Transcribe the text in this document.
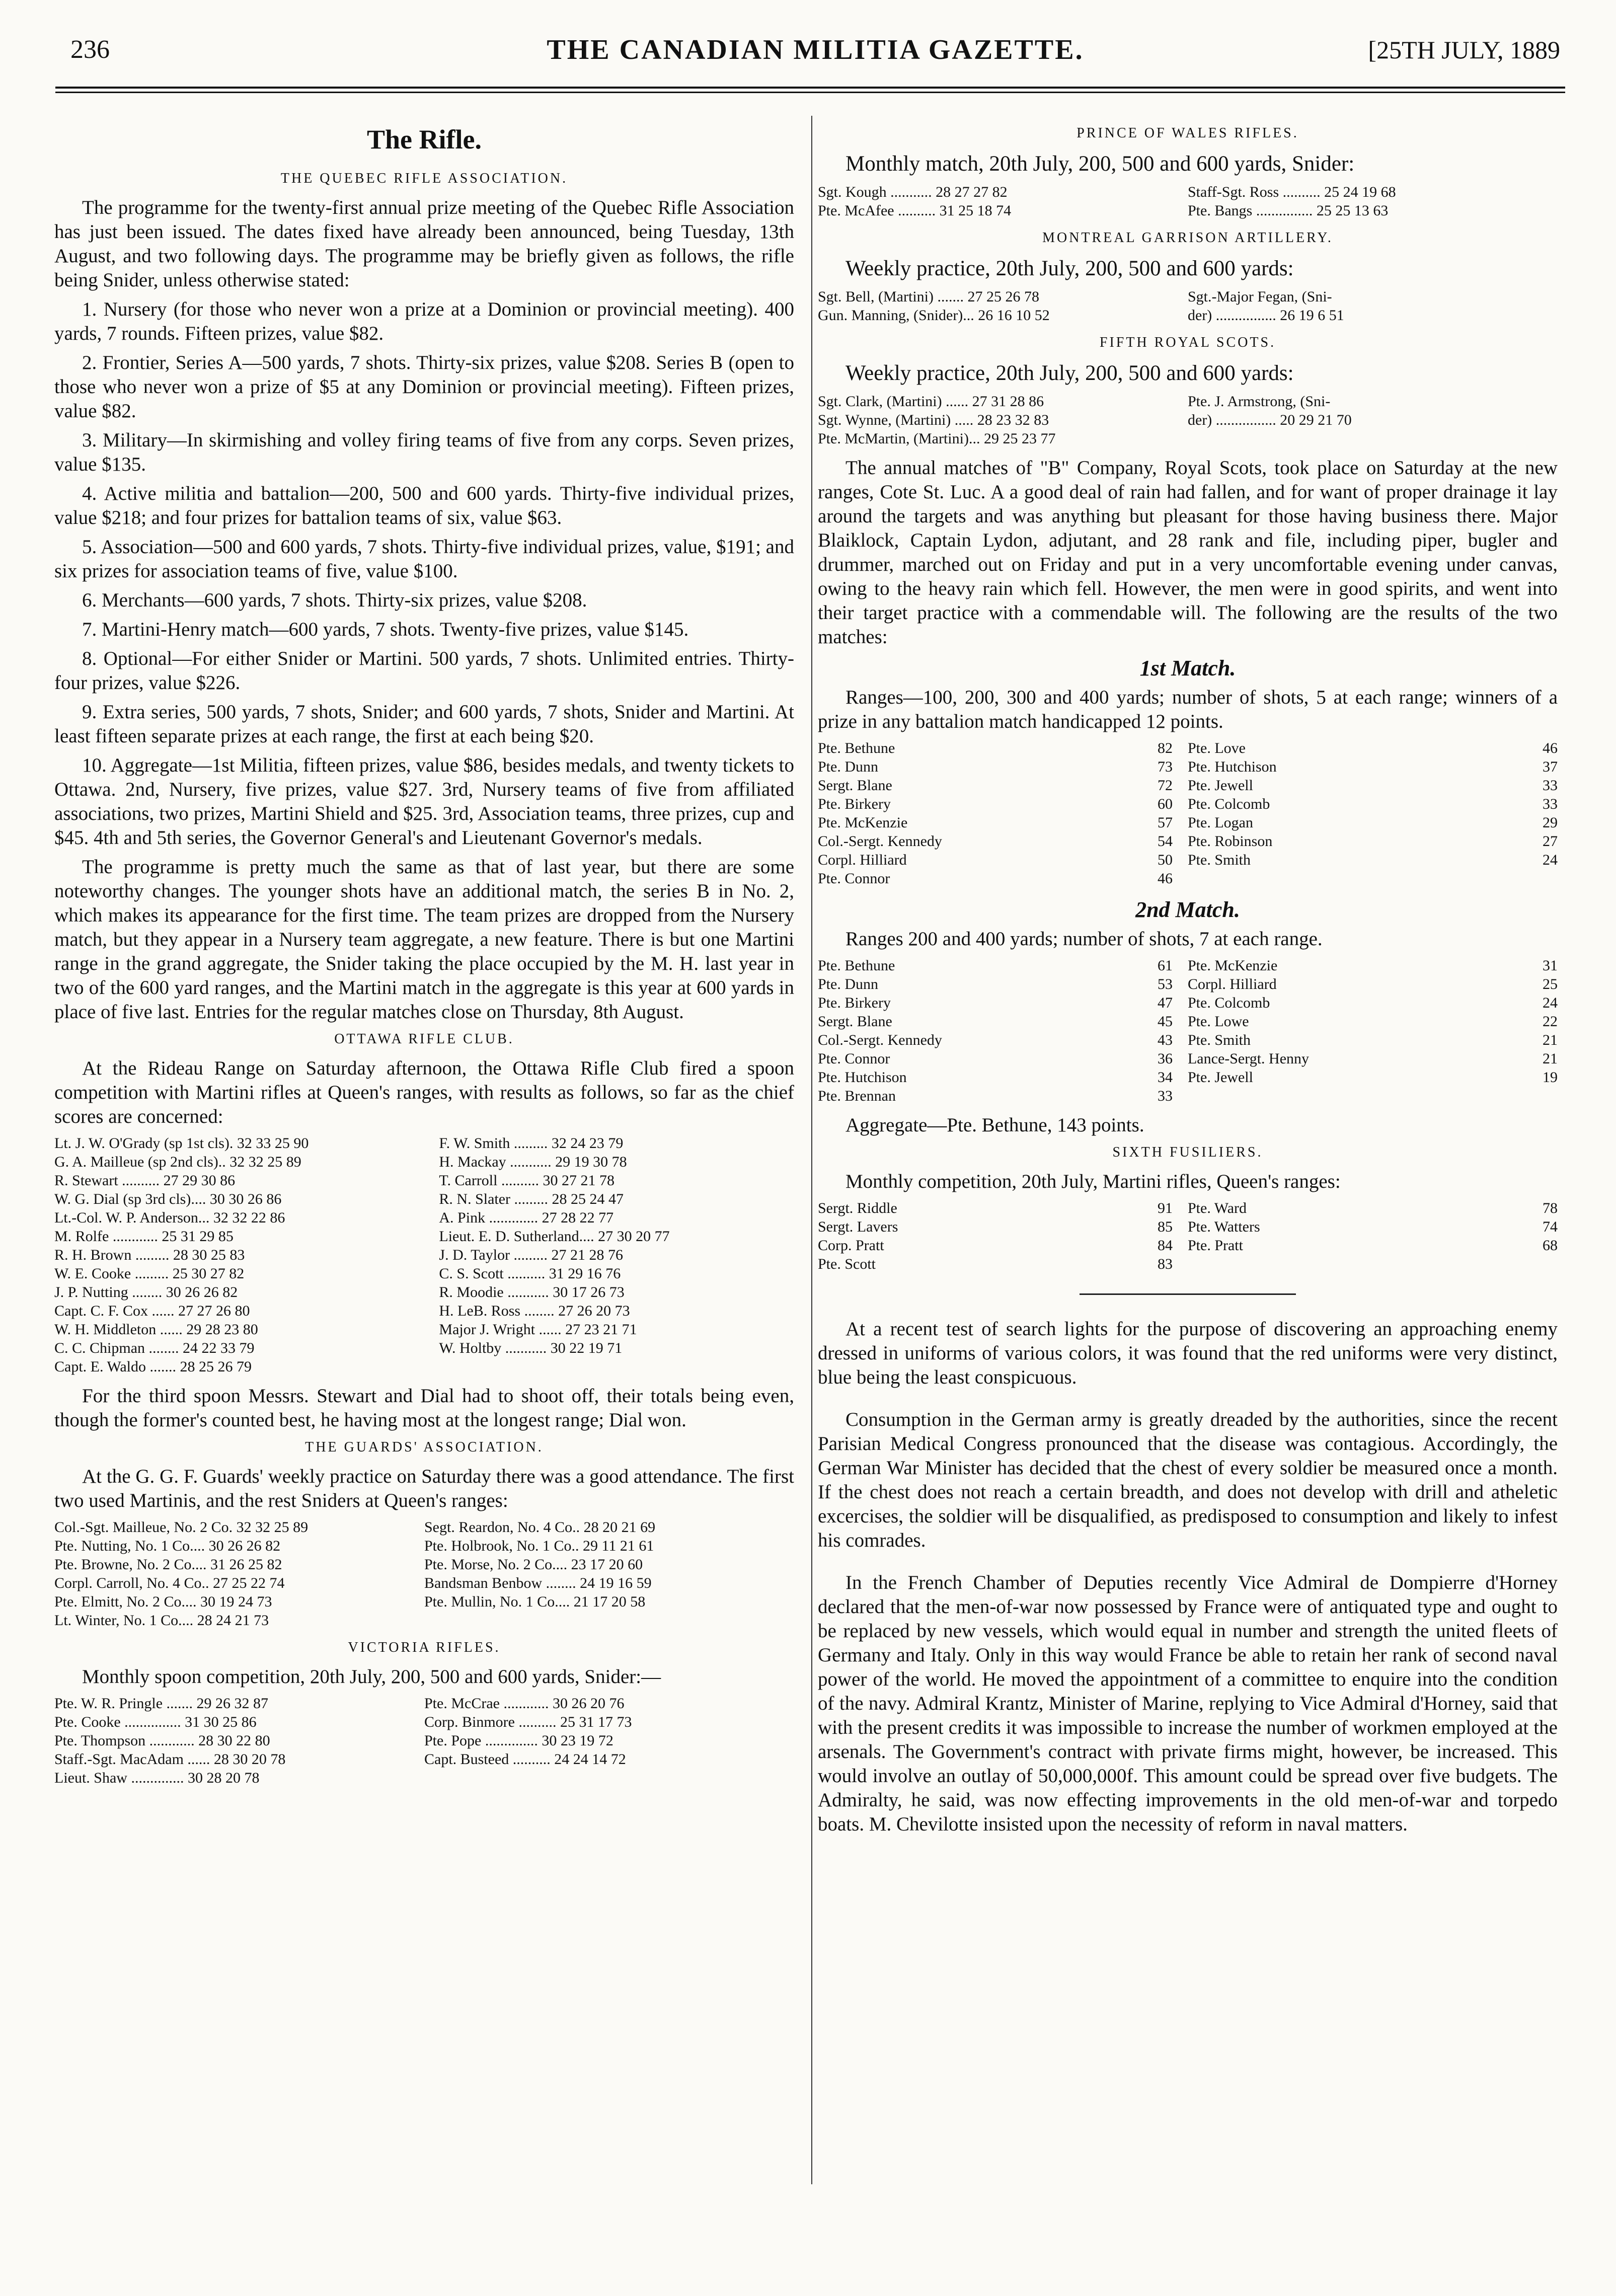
236	THE CANADIAN MILITIA GAZETTE.	[25TH JULY, 1889
The Rifle.
THE QUEBEC RIFLE ASSOCIATION.
The programme for the twenty-first annual prize meeting of the Quebec Rifle Association has just been issued. The dates fixed have already been announced, being Tuesday, 13th August, and two following days. The programme may be briefly given as follows, the rifle being Snider, unless otherwise stated:
1. Nursery (for those who never won a prize at a Dominion or provincial meeting). 400 yards, 7 rounds. Fifteen prizes, value $82.
2. Frontier, Series A—500 yards, 7 shots. Thirty-six prizes, value $208. Series B (open to those who never won a prize of $5 at any Dominion or provincial meeting). Fifteen prizes, value $82.
3. Military—In skirmishing and volley firing teams of five from any corps. Seven prizes, value $135.
4. Active militia and battalion—200, 500 and 600 yards. Thirty-five individual prizes, value $218; and four prizes for battalion teams of six, value $63.
5. Association—500 and 600 yards, 7 shots. Thirty-five individual prizes, value, $191; and six prizes for association teams of five, value $100.
6. Merchants—600 yards, 7 shots. Thirty-six prizes, value $208.
7. Martini-Henry match—600 yards, 7 shots. Twenty-five prizes, value $145.
8. Optional—For either Snider or Martini. 500 yards, 7 shots. Unlimited entries. Thirty-four prizes, value $226.
9. Extra series, 500 yards, 7 shots, Snider; and 600 yards, 7 shots, Snider and Martini. At least fifteen separate prizes at each range, the first at each being $20.
10. Aggregate—1st Militia, fifteen prizes, value $86, besides medals, and twenty tickets to Ottawa. 2nd, Nursery, five prizes, value $27. 3rd, Nursery teams of five from affiliated associations, two prizes, Martini Shield and $25. 3rd, Association teams, three prizes, cup and $45. 4th and 5th series, the Governor General's and Lieutenant Governor's medals.
The programme is pretty much the same as that of last year, but there are some noteworthy changes. The younger shots have an additional match, the series B in No. 2, which makes its appearance for the first time. The team prizes are dropped from the Nursery match, but they appear in a Nursery team aggregate, a new feature. There is but one Martini range in the grand aggregate, the Snider taking the place occupied by the M. H. last year in two of the 600 yard ranges, and the Martini match in the aggregate is this year at 600 yards in place of five last. Entries for the regular matches close on Thursday, 8th August.
OTTAWA RIFLE CLUB.
At the Rideau Range on Saturday afternoon, the Ottawa Rifle Club fired a spoon competition with Martini rifles at Queen's ranges, with results as follows, so far as the chief scores are concerned:
Lt. J. W. O'Grady (sp 1st cls). 32 33 25 90	F. W. Smith ......... 32 24 23 79
G. A. Mailleue (sp 2nd cls).. 32 32 25 89	H. Mackay ........... 29 19 30 78
R. Stewart .......... 27 29 30 86	T. Carroll .......... 30 27 21 78
W. G. Dial (sp 3rd cls).... 30 30 26 86	R. N. Slater ......... 28 25 24 47
Lt.-Col. W. P. Anderson... 32 32 22 86	A. Pink ............. 27 28 22 77
M. Rolfe ............ 25 31 29 85	Lieut. E. D. Sutherland.... 27 30 20 77
R. H. Brown ......... 28 30 25 83	J. D. Taylor ......... 27 21 28 76
W. E. Cooke ......... 25 30 27 82	C. S. Scott .......... 31 29 16 76
J. P. Nutting ........ 30 26 26 82	R. Moodie ........... 30 17 26 73
Capt. C. F. Cox ...... 27 27 26 80	H. LeB. Ross ........ 27 26 20 73
W. H. Middleton ...... 29 28 23 80	Major J. Wright ...... 27 23 21 71
C. C. Chipman ........ 24 22 33 79	W. Holtby ........... 30 22 19 71
Capt. E. Waldo ....... 28 25 26 79	
For the third spoon Messrs. Stewart and Dial had to shoot off, their totals being even, though the former's counted best, he having most at the longest range; Dial won.
THE GUARDS' ASSOCIATION.
At the G. G. F. Guards' weekly practice on Saturday there was a good attendance. The first two used Martinis, and the rest Sniders at Queen's ranges:
Col.-Sgt. Mailleue, No. 2 Co. 32 32 25 89	Segt. Reardon, No. 4 Co.. 28 20 21 69
Pte. Nutting, No. 1 Co.... 30 26 26 82	Pte. Holbrook, No. 1 Co.. 29 11 21 61
Pte. Browne, No. 2 Co.... 31 26 25 82	Pte. Morse, No. 2 Co.... 23 17 20 60
Corpl. Carroll, No. 4 Co.. 27 25 22 74	Bandsman Benbow ........ 24 19 16 59
Pte. Elmitt, No. 2 Co.... 30 19 24 73	Pte. Mullin, No. 1 Co.... 21 17 20 58
Lt. Winter, No. 1 Co.... 28 24 21 73	
VICTORIA RIFLES.
Monthly spoon competition, 20th July, 200, 500 and 600 yards, Snider:—
Pte. W. R. Pringle ....... 29 26 32 87	Pte. McCrae ............ 30 26 20 76
Pte. Cooke ............... 31 30 25 86	Corp. Binmore .......... 25 31 17 73
Pte. Thompson ............ 28 30 22 80	Pte. Pope .............. 30 23 19 72
Staff.-Sgt. MacAdam ...... 28 30 20 78	Capt. Busteed .......... 24 24 14 72
Lieut. Shaw .............. 30 28 20 78	
PRINCE OF WALES RIFLES.
Monthly match, 20th July, 200, 500 and 600 yards, Snider:
Sgt. Kough ........... 28 27 27 82	Staff-Sgt. Ross .......... 25 24 19 68
Pte. McAfee .......... 31 25 18 74	Pte. Bangs ............... 25 25 13 63
MONTREAL GARRISON ARTILLERY.
Weekly practice, 20th July, 200, 500 and 600 yards:
Sgt. Bell, (Martini) ....... 27 25 26 78	Sgt.-Major Fegan, (Sni-
Gun. Manning, (Snider)... 26 16 10 52	der) ................ 26 19 6 51
FIFTH ROYAL SCOTS.
Weekly practice, 20th July, 200, 500 and 600 yards:
Sgt. Clark, (Martini) ...... 27 31 28 86	Pte. J. Armstrong, (Sni-
Sgt. Wynne, (Martini) ..... 28 23 32 83	der) ................ 20 29 21 70
Pte. McMartin, (Martini)... 29 25 23 77	
The annual matches of "B" Company, Royal Scots, took place on Saturday at the new ranges, Cote St. Luc. A a good deal of rain had fallen, and for want of proper drainage it lay around the targets and was anything but pleasant for those having business there. Major Blaiklock, Captain Lydon, adjutant, and 28 rank and file, including piper, bugler and drummer, marched out on Friday and put in a very uncomfortable evening under canvas, owing to the heavy rain which fell. However, the men were in good spirits, and went into their target practice with a commendable will. The following are the results of the two matches:
1st Match.
Ranges—100, 200, 300 and 400 yards; number of shots, 5 at each range; winners of a prize in any battalion match handicapped 12 points.
Pte. Bethune	82	Pte. Love	46
Pte. Dunn	73	Pte. Hutchison	37
Sergt. Blane	72	Pte. Jewell	33
Pte. Birkery	60	Pte. Colcomb	33
Pte. McKenzie	57	Pte. Logan	29
Col.-Sergt. Kennedy	54	Pte. Robinson	27
Corpl. Hilliard	50	Pte. Smith	24
Pte. Connor	46		
2nd Match.
Ranges 200 and 400 yards; number of shots, 7 at each range.
Pte. Bethune	61	Pte. McKenzie	31
Pte. Dunn	53	Corpl. Hilliard	25
Pte. Birkery	47	Pte. Colcomb	24
Sergt. Blane	45	Pte. Lowe	22
Col.-Sergt. Kennedy	43	Pte. Smith	21
Pte. Connor	36	Lance-Sergt. Henny	21
Pte. Hutchison	34	Pte. Jewell	19
Pte. Brennan	33		
Aggregate—Pte. Bethune, 143 points.
SIXTH FUSILIERS.
Monthly competition, 20th July, Martini rifles, Queen's ranges:
Sergt. Riddle	91	Pte. Ward	78
Sergt. Lavers	85	Pte. Watters	74
Corp. Pratt	84	Pte. Pratt	68
Pte. Scott	83		
At a recent test of search lights for the purpose of discovering an approaching enemy dressed in uniforms of various colors, it was found that the red uniforms were very distinct, blue being the least conspicuous.
Consumption in the German army is greatly dreaded by the authorities, since the recent Parisian Medical Congress pronounced that the disease was contagious. Accordingly, the German War Minister has decided that the chest of every soldier be measured once a month. If the chest does not reach a certain breadth, and does not develop with drill and atheletic excercises, the soldier will be disqualified, as predisposed to consumption and likely to infest his comrades.
In the French Chamber of Deputies recently Vice Admiral de Dompierre d'Horney declared that the men-of-war now possessed by France were of antiquated type and ought to be replaced by new vessels, which would equal in number and strength the united fleets of Germany and Italy. Only in this way would France be able to retain her rank of second naval power of the world. He moved the appointment of a committee to enquire into the condition of the navy. Admiral Krantz, Minister of Marine, replying to Vice Admiral d'Horney, said that with the present credits it was impossible to increase the number of workmen employed at the arsenals. The Government's contract with private firms might, however, be increased. This would involve an outlay of 50,000,000f. This amount could be spread over five budgets. The Admiralty, he said, was now effecting improvements in the old men-of-war and torpedo boats. M. Chevilotte insisted upon the necessity of reform in naval matters.
